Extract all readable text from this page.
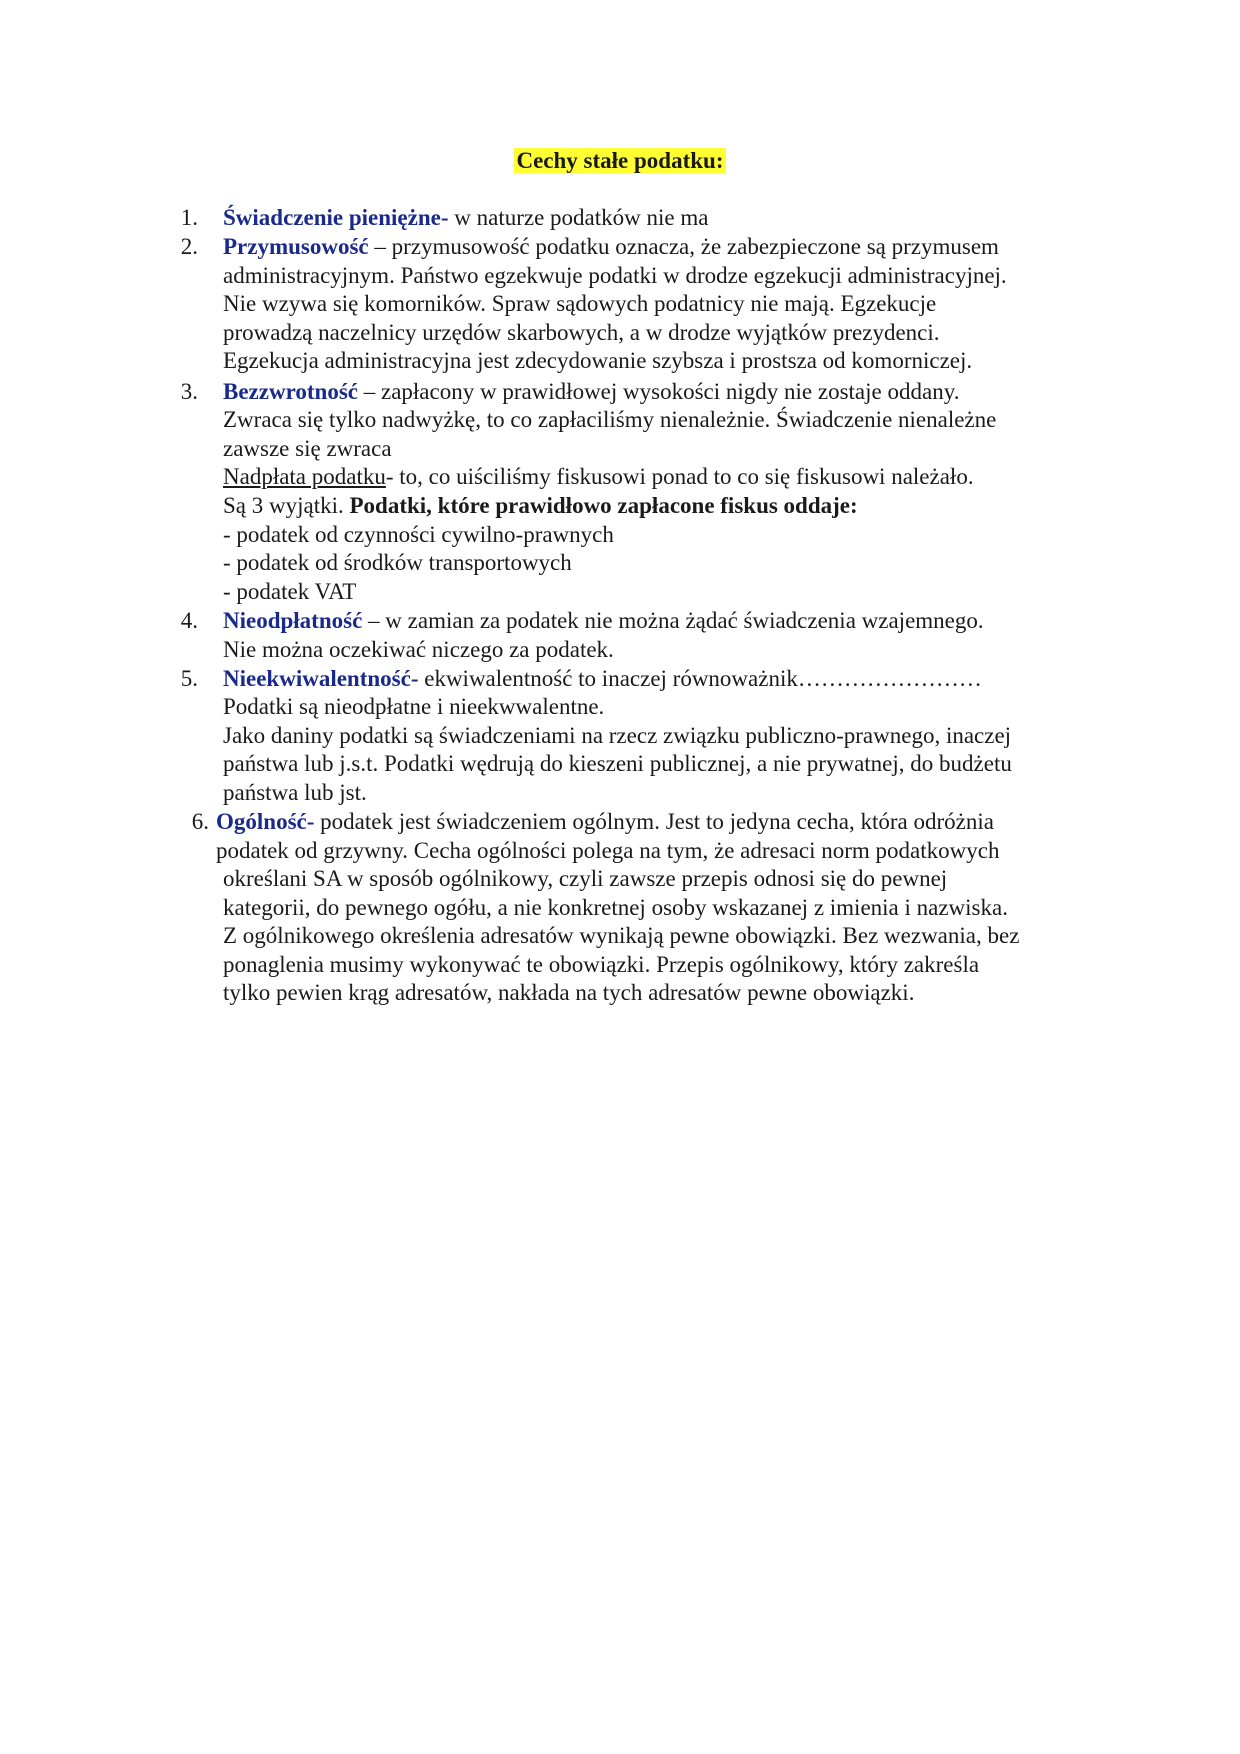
Cechy stałe podatku:
1. Świadczenie pieniężne- w naturze podatków nie ma
2. Przymusowość – przymusowość podatku oznacza, że zabezpieczone są przymusem
administracyjnym. Państwo egzekwuje podatki w drodze egzekucji administracyjnej.
Nie wzywa się komorników. Spraw sądowych podatnicy nie mają. Egzekucje
prowadzą naczelnicy urzędów skarbowych, a w drodze wyjątków prezydenci.
Egzekucja administracyjna jest zdecydowanie szybsza i prostsza od komorniczej.
3. Bezzwrotność – zapłacony w prawidłowej wysokości nigdy nie zostaje oddany.
Zwraca się tylko nadwyżkę, to co zapłaciliśmy nienależnie. Świadczenie nienależne
zawsze się zwraca
Nadpłata podatku- to, co uiściliśmy fiskusowi ponad to co się fiskusowi należało.
Są 3 wyjątki. Podatki, które prawidłowo zapłacone fiskus oddaje:
- podatek od czynności cywilno-prawnych
- podatek od środków transportowych
- podatek VAT
4. Nieodpłatność – w zamian za podatek nie można żądać świadczenia wzajemnego.
Nie można oczekiwać niczego za podatek.
5. Nieekwiwalentność- ekwiwalentność to inaczej równoważnik……………………
Podatki są nieodpłatne i nieekwwalentne.
Jako daniny podatki są świadczeniami na rzecz związku publiczno-prawnego, inaczej
państwa lub j.s.t. Podatki wędrują do kieszeni publicznej, a nie prywatnej, do budżetu
państwa lub jst.
6. Ogólność- podatek jest świadczeniem ogólnym. Jest to jedyna cecha, która odróżnia
podatek od grzywny. Cecha ogólności polega na tym, że adresaci norm podatkowych
określani SA w sposób ogólnikowy, czyli zawsze przepis odnosi się do pewnej
kategorii, do pewnego ogółu, a nie konkretnej osoby wskazanej z imienia i nazwiska.
Z ogólnikowego określenia adresatów wynikają pewne obowiązki. Bez wezwania, bez
ponaglenia musimy wykonywać te obowiązki. Przepis ogólnikowy, który zakreśla
tylko pewien krąg adresatów, nakłada na tych adresatów pewne obowiązki.
